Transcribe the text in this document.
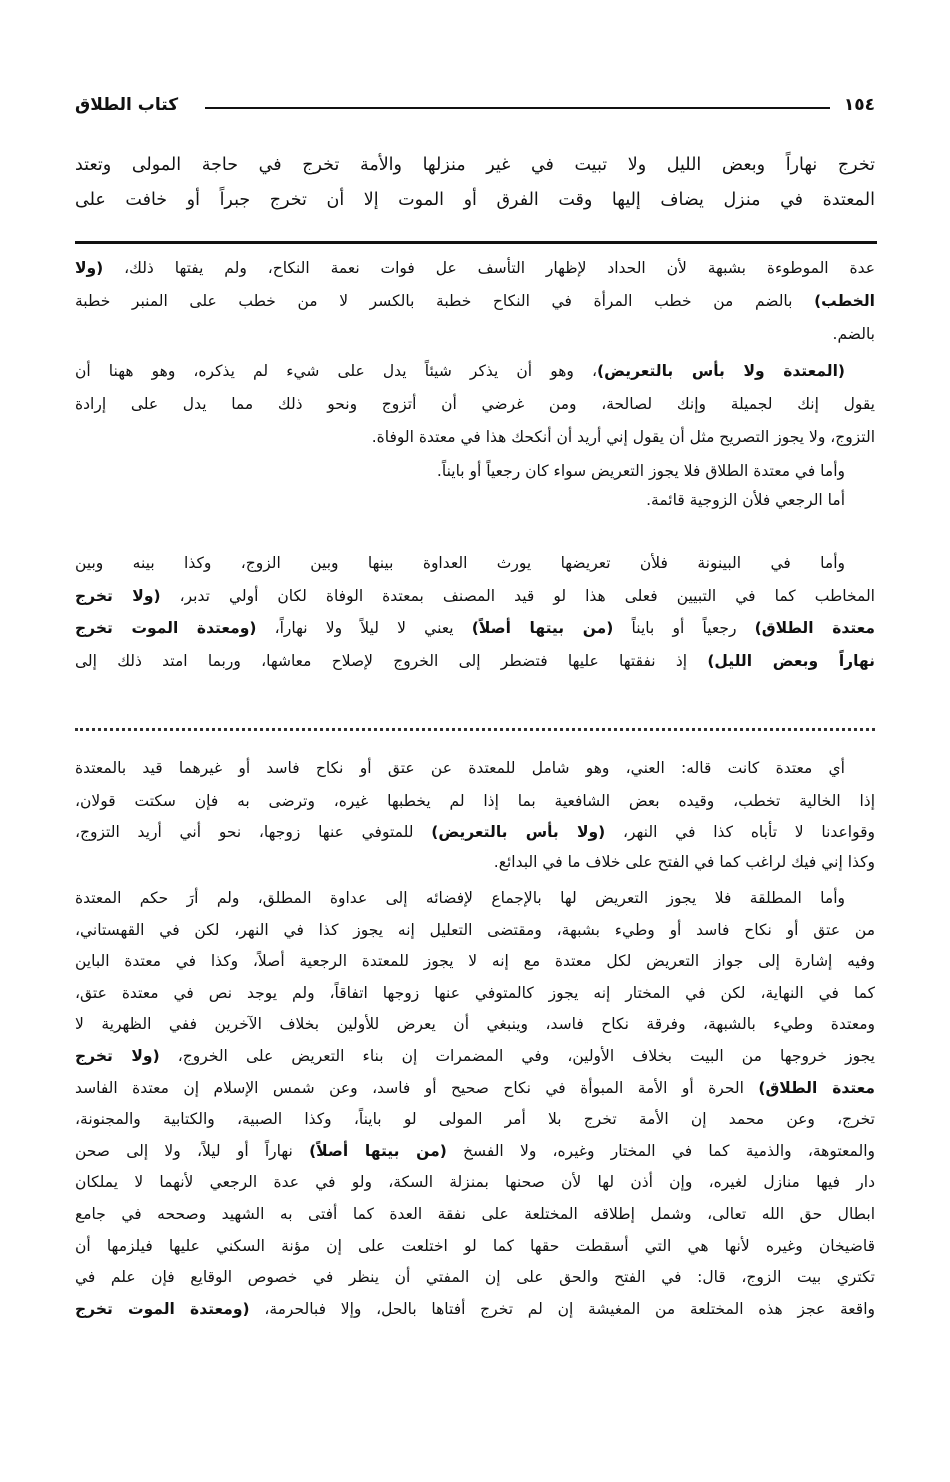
كتاب الطلاق	١٥٤
تخرج نهاراً وبعض الليل ولا تبيت في غير منزلها والأمة تخرج في حاجة المولى وتعتد
المعتدة في منزل يضاف إليها وقت الفرق أو الموت إلا أن تخرج جبراً أو خافت على
عدة الموطوءة بشبهة لأن الحداد لإظهار التأسف عل فوات نعمة النكاح، ولم يفتها ذلك، (ولا
الخطب) بالضم من خطب المرأة في النكاح خطبة بالكسر لا من خطب على المنبر خطبة
بالضم.
(المعتدة ولا بأس بالتعريض)، وهو أن يذكر شيئاً يدل على شيء لم يذكره، وهو ههنا أن
يقول إنك لجميلة وإنك لصالحة، ومن غرضي أن أتزوج ونحو ذلك مما يدل على إرادة
التزوج، ولا يجوز التصريح مثل أن يقول إني أريد أن أنكحك هذا في معتدة الوفاة.
وأما في معتدة الطلاق فلا يجوز التعريض سواء كان رجعياً أو بايناً.
أما الرجعي فلأن الزوجية قائمة.
وأما في البينونة فلأن تعريضها يورث العداوة بينها وبين الزوج، وكذا بينه وبين
المخاطب كما في التبيين فعلى هذا لو قيد المصنف بمعتدة الوفاة لكان أولي تدبر، (ولا تخرج
معتدة الطلاق) رجعياً أو بايناً (من بيتها أصلاً) يعني لا ليلاً ولا نهاراً، (ومعتدة الموت تخرج
نهاراً وبعض الليل) إذ نفقتها عليها فتضطر إلى الخروج لإصلاح معاشها، وربما امتد ذلك إلى
أي معتدة كانت قاله: العني، وهو شامل للمعتدة عن عتق أو نكاح فاسد أو غيرهما قيد بالمعتدة
إذا الخالية تخطب، وقيده بعض الشافعية بما إذا لم يخطبها غيره، وترضى به فإن سكتت قولان،
وقواعدنا لا تأباه كذا في النهر، (ولا بأس بالتعريض) للمتوفي عنها زوجها، نحو أني أريد التزوج،
وكذا إني فيك لراغب كما في الفتح على خلاف ما في البدائع.
وأما المطلقة فلا يجوز التعريض لها بالإجماع لإفضائه إلى عداوة المطلق، ولم أرَ حكم المعتدة
من عتق أو نكاح فاسد أو وطيء بشبهة، ومقتضى التعليل إنه يجوز كذا في النهر، لكن في القهستاني،
وفيه إشارة إلى جواز التعريض لكل معتدة مع إنه لا يجوز للمعتدة الرجعية أصلاً، وكذا في معتدة الباين
كما في النهاية، لكن في المختار إنه يجوز كالمتوفي عنها زوجها اتفاقاً، ولم يوجد نص في معتدة عتق،
ومعتدة وطيء بالشبهة، وفرقة نكاح فاسد، وينبغي أن يعرض للأولين بخلاف الآخرين ففي الظهرية لا
يجوز خروجها من البيت بخلاف الأولين، وفي المضمرات إن بناء التعريض على الخروج، (ولا تخرج
معتدة الطلاق) الحرة أو الأمة المبوأة في نكاح صحيح أو فاسد، وعن شمس الإسلام إن معتدة الفاسد
تخرج، وعن محمد إن الأمة تخرج بلا أمر المولى لو بايناً، وكذا الصبية، والكتابية والمجنونة،
والمعتوهة، والذمية كما في المختار وغيره، ولا الفسخ (من بيتها أصلاً) نهاراً أو ليلاً، ولا إلى صحن
دار فيها منازل لغيره، وإن أذن لها لأن صحنها بمنزلة السكة، ولو في عدة الرجعي لأنهما لا يملكان
ابطال حق الله تعالى، وشمل إطلاقه المختلعة على نفقة العدة كما أفتى به الشهيد وصححه في جامع
قاضيخان وغيره لأنها هي التي أسقطت حقها كما لو اختلعت على إن مؤنة السكني عليها فيلزمها أن
تكتري بيت الزوج، قال: في الفتح والحق على إن المفتي أن ينظر في خصوص الوقايع فإن علم في
واقعة عجز هذه المختلعة من المغيشة إن لم تخرج أفتاها بالحل، وإلا فبالحرمة، (ومعتدة الموت تخرج
